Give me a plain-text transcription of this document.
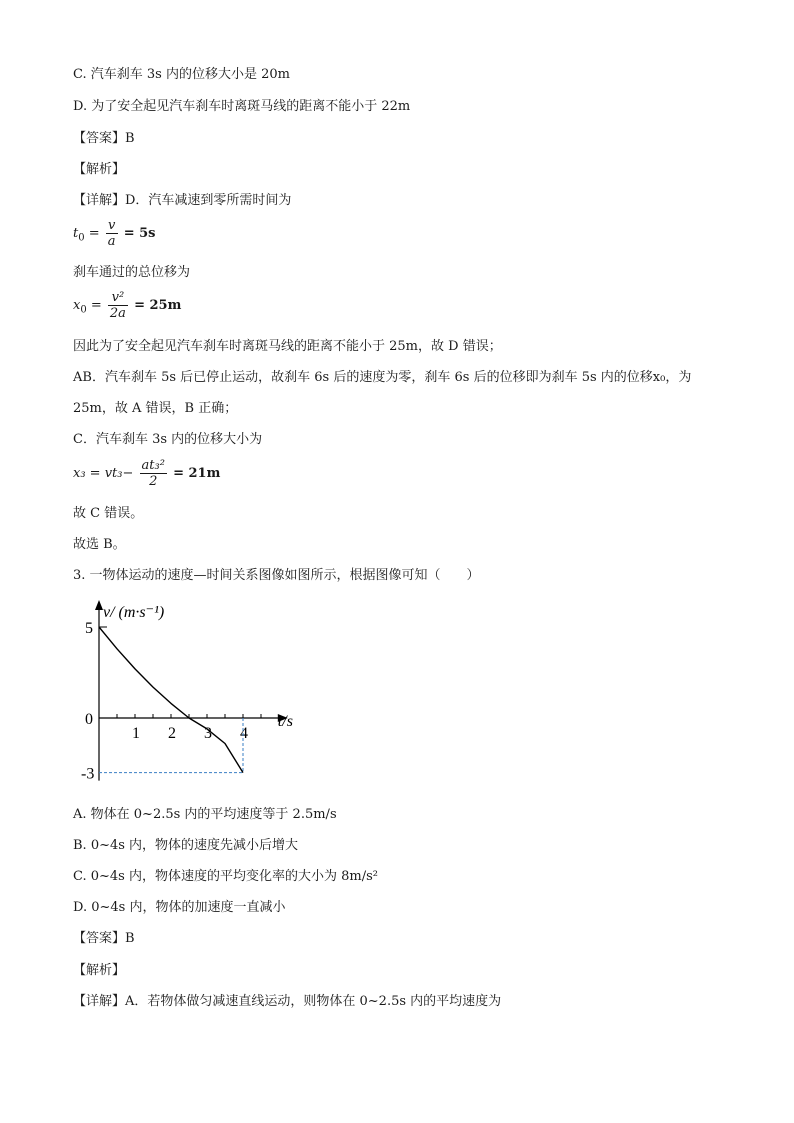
C. 汽车刹车 3s 内的位移大小是 20m
D. 为了安全起见汽车刹车时离斑马线的距离不能小于 22m
【答案】B
【解析】
【详解】D．汽车减速到零所需时间为
$t_0 = \frac{v}{a} = 5s$
刹车通过的总位移为
$x_0 = \frac{\text{v²}}{2a} = 25m$
因此为了安全起见汽车刹车时离斑马线的距离不能小于 25m，故 D 错误；
AB．汽车刹车 5s 后已停止运动，故刹车 6s 后的速度为零，刹车 6s 后的位移即为刹车 5s 内的位移x₀，为
25m，故 A 错误，B 正确；
C．汽车刹车 3s 内的位移大小为
$x_3 = vt_3- \frac{\text{at₃²}}{2} = 21m$
故 C 错误。
故选 B。
3. 一物体运动的速度—时间关系图像如图所示，根据图像可知（　　）
1 2 3 4
5
0
-3
v/ (m·s⁻¹)
t/s
A. 物体在 0~2.5s 内的平均速度等于 2.5m/s
B. 0~4s 内，物体的速度先减小后增大
C. 0~4s 内，物体速度的平均变化率的大小为 8m/s²
D. 0~4s 内，物体的加速度一直减小
【答案】B
【解析】
【详解】A．若物体做匀减速直线运动，则物体在 0~2.5s 内的平均速度为
